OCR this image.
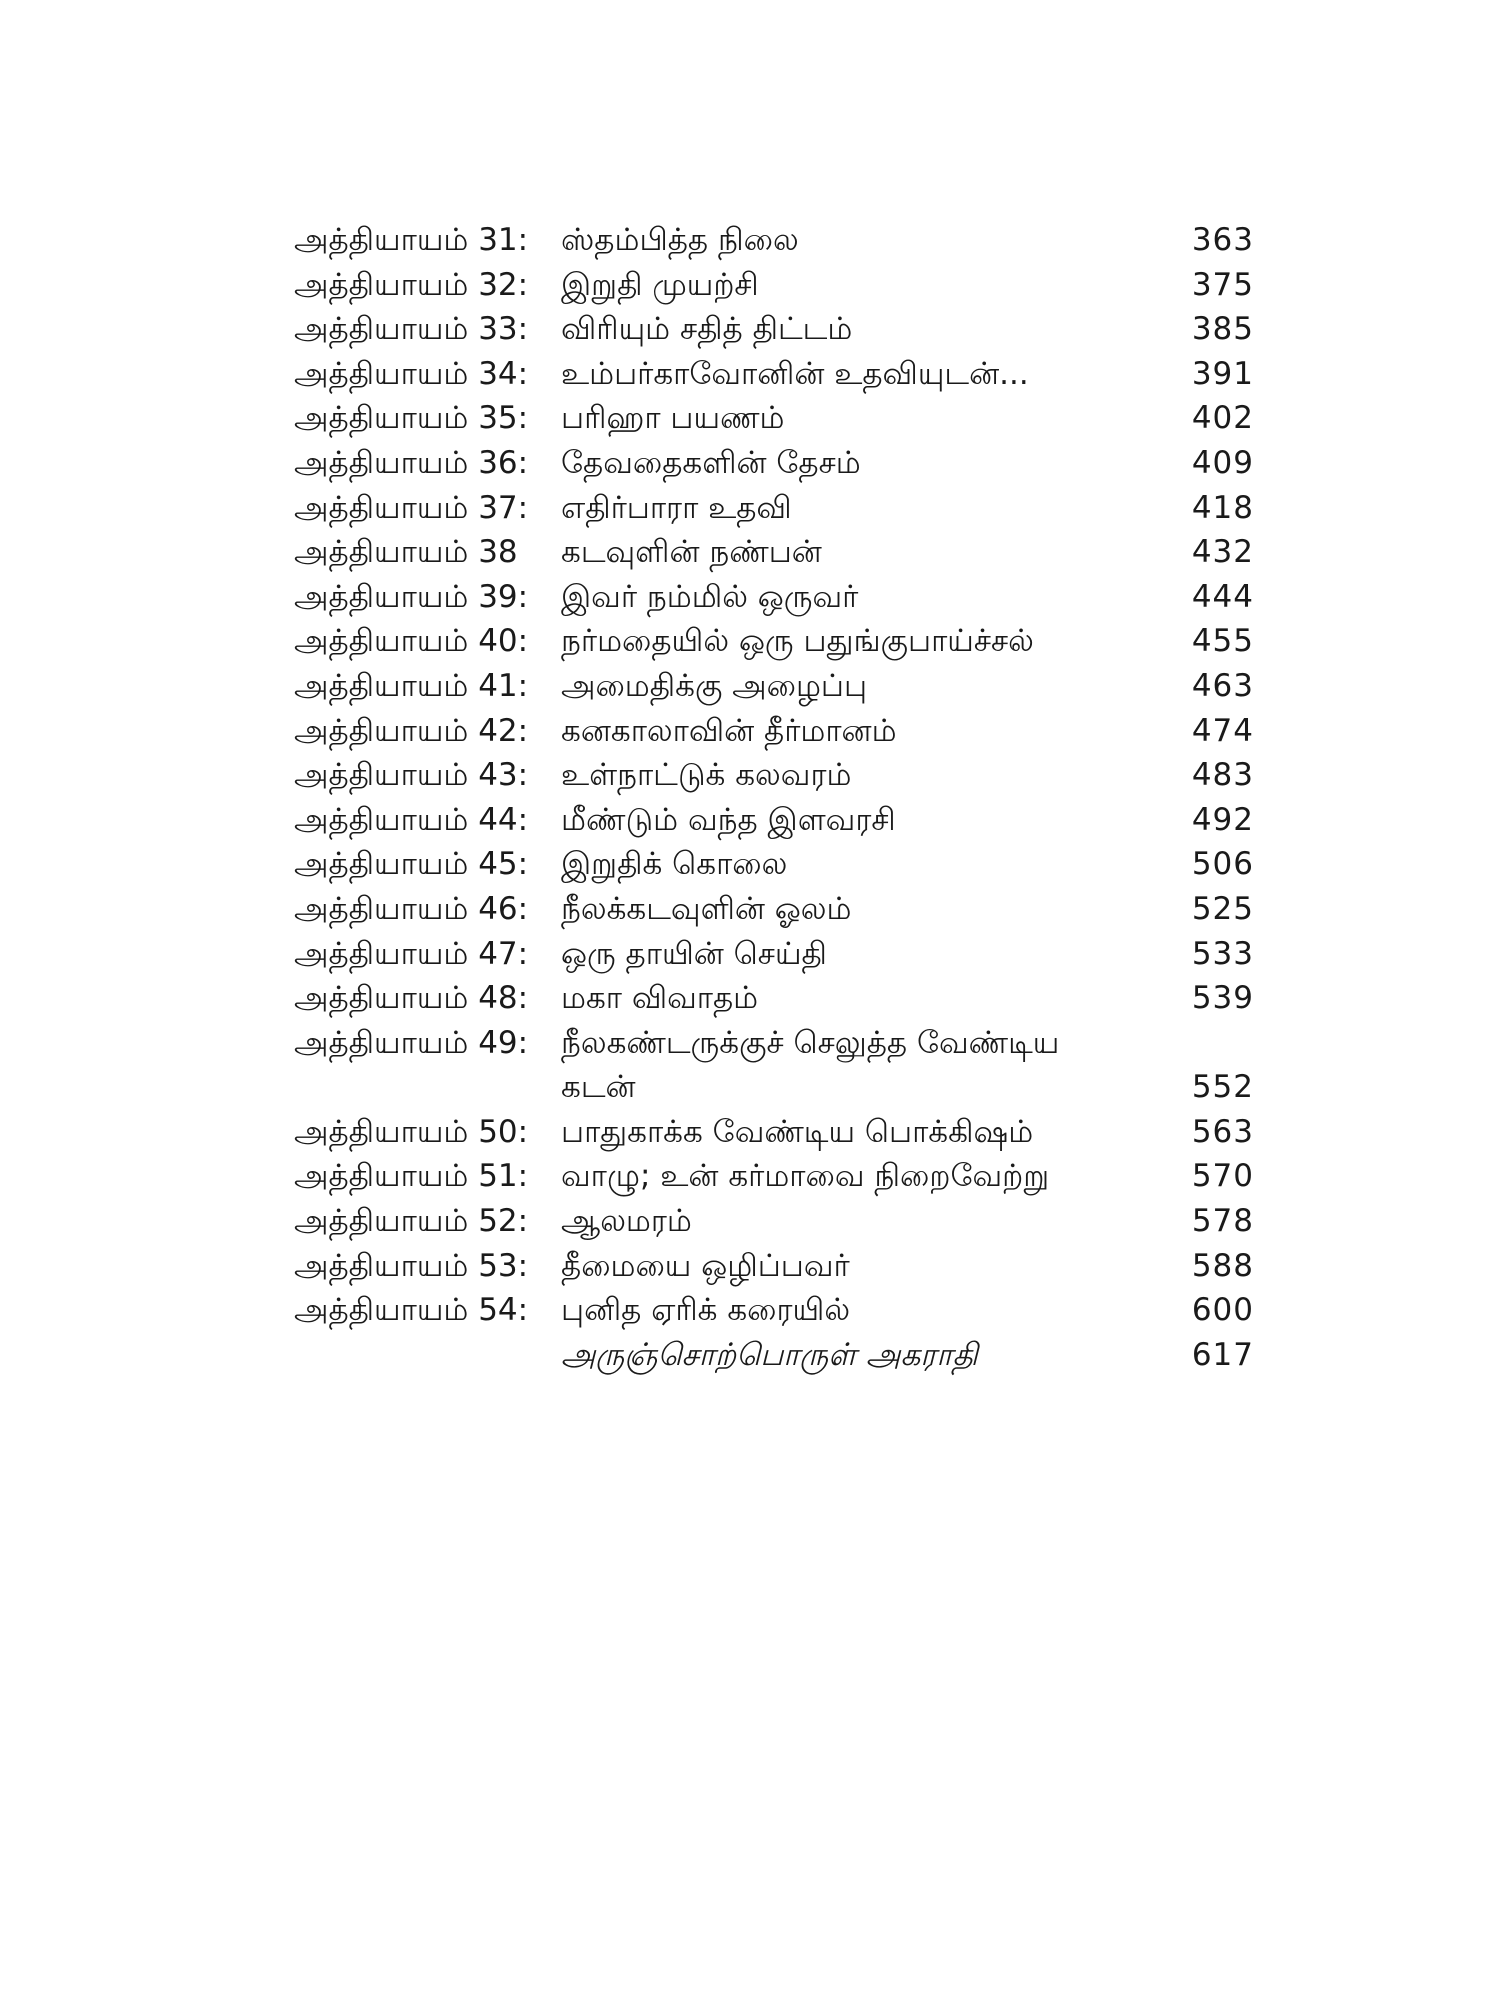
அத்தியாயம் 31:	ஸ்தம்பித்த நிலை	363
அத்தியாயம் 32:	இறுதி முயற்சி	375
அத்தியாயம் 33:	விரியும் சதித் திட்டம்	385
அத்தியாயம் 34:	உம்பர்காவோனின் உதவியுடன்...	391
அத்தியாயம் 35:	பரிஹா பயணம்	402
அத்தியாயம் 36:	தேவதைகளின் தேசம்	409
அத்தியாயம் 37:	எதிர்பாரா உதவி	418
அத்தியாயம் 38	கடவுளின் நண்பன்	432
அத்தியாயம் 39:	இவர் நம்மில் ஒருவர்	444
அத்தியாயம் 40:	நர்மதையில் ஒரு பதுங்குபாய்ச்சல்	455
அத்தியாயம் 41:	அமைதிக்கு அழைப்பு	463
அத்தியாயம் 42:	கனகாலாவின் தீர்மானம்	474
அத்தியாயம் 43:	உள்நாட்டுக் கலவரம்	483
அத்தியாயம் 44:	மீண்டும் வந்த இளவரசி	492
அத்தியாயம் 45:	இறுதிக் கொலை	506
அத்தியாயம் 46:	நீலக்கடவுளின் ஓலம்	525
அத்தியாயம் 47:	ஒரு தாயின் செய்தி	533
அத்தியாயம் 48:	மகா விவாதம்	539
அத்தியாயம் 49:	நீலகண்டருக்குச் செலுத்த வேண்டிய
கடன்	552
அத்தியாயம் 50:	பாதுகாக்க வேண்டிய பொக்கிஷம்	563
அத்தியாயம் 51:	வாழு; உன் கர்மாவை நிறைவேற்று	570
அத்தியாயம் 52:	ஆலமரம்	578
அத்தியாயம் 53:	தீமையை ஒழிப்பவர்	588
அத்தியாயம் 54:	புனித ஏரிக் கரையில்	600
அருஞ்சொற்பொருள் அகராதி	617
